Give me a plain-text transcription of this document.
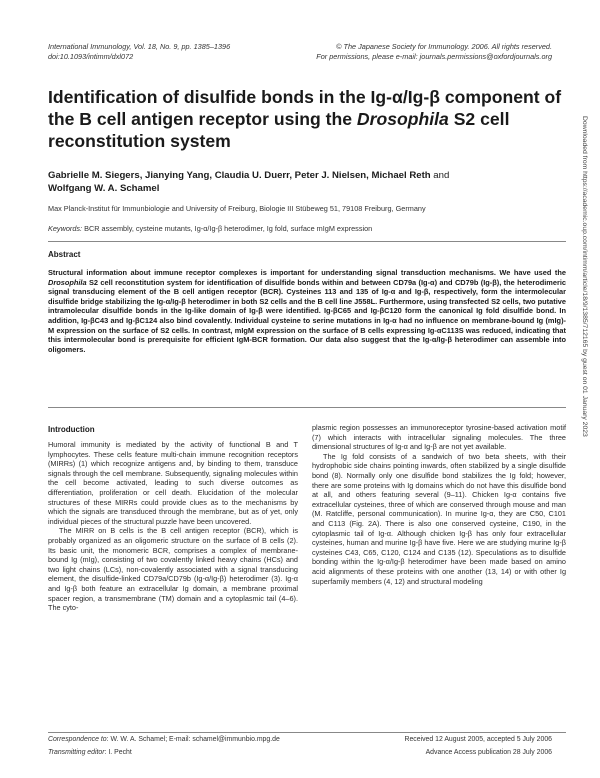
International Immunology, Vol. 18, No. 9, pp. 1385–1396
doi:10.1093/intimm/dxl072
© The Japanese Society for Immunology. 2006. All rights reserved.
For permissions, please e-mail: journals.permissions@oxfordjournals.org
Identification of disulfide bonds in the Ig-α/Ig-β component of the B cell antigen receptor using the Drosophila S2 cell reconstitution system
Gabrielle M. Siegers, Jianying Yang, Claudia U. Duerr, Peter J. Nielsen, Michael Reth and
Wolfgang W. A. Schamel
Max Planck-Institut für Immunbiologie and University of Freiburg, Biologie III Stübeweg 51, 79108 Freiburg, Germany
Keywords: BCR assembly, cysteine mutants, Ig-α/Ig-β heterodimer, Ig fold, surface mIgM expression
Abstract
Structural information about immune receptor complexes is important for understanding signal transduction mechanisms. We have used the Drosophila S2 cell reconstitution system for identification of disulfide bonds within and between CD79a (Ig-α) and CD79b (Ig-β), the heterodimeric signal transducing element of the B cell antigen receptor (BCR). Cysteines 113 and 135 of Ig-α and Ig-β, respectively, form the intermolecular disulfide bridge stabilizing the Ig-α/Ig-β heterodimer in both S2 cells and the B cell line J558L. Furthermore, using transfected S2 cells, two putative intramolecular disulfide bonds in the Ig-like domain of Ig-β were identified. Ig-βC65 and Ig-βC120 form the canonical Ig fold disulfide bond. In addition, Ig-βC43 and Ig-βC124 also bind covalently. Individual cysteine to serine mutations in Ig-α had no influence on membrane-bound Ig (mIg)-M expression on the surface of S2 cells. In contrast, mIgM expression on the surface of B cells expressing Ig-αC113S was reduced, indicating that this intermolecular bond is prerequisite for efficient IgM-BCR formation. Our data also suggest that the Ig-α/Ig-β heterodimer can assemble into oligomers.
Introduction

Humoral immunity is mediated by the activity of functional B and T lymphocytes. These cells feature multi-chain immune recognition receptors (MIRRs) (1) which recognize antigens and, by binding to them, transduce signals through the cell membrane. Subsequently, signaling molecules within the cell become activated, leading to such diverse outcomes as differentiation, proliferation or cell death. Elucidation of the molecular structures of these MIRRs could provide clues as to the mechanisms by which the signals are transduced through the membrane, but as of yet, only individual pieces of the structural puzzle have been uncovered.

The MIRR on B cells is the B cell antigen receptor (BCR), which is probably organized as an oligomeric structure on the surface of B cells (2). Its basic unit, the monomeric BCR, comprises a complex of membrane-bound Ig (mIg), consisting of two covalently linked heavy chains (HCs) and two light chains (LCs), non-covalently associated with a signal transducing element, the disulfide-linked CD79a/CD79b (Ig-α/Ig-β) heterodimer (3). Ig-α and Ig-β both feature an extracellular Ig domain, a membrane proximal spacer region, a transmembrane (TM) domain and a cytoplasmic tail (4–6). The cyto-

plasmic region possesses an immunoreceptor tyrosine-based activation motif (7) which interacts with intracellular signaling molecules. The three dimensional structures of Ig-α and Ig-β are not yet available.

The Ig fold consists of a sandwich of two beta sheets, with their hydrophobic side chains pointing inwards, often stabilized by a single disulfide bond (8). Normally only one disulfide bond stabilizes the Ig fold; however, there are some proteins with Ig domains which do not have this disulfide bond at all, and others featuring several (9–11). Chicken Ig-α contains five extracellular cysteines, three of which are conserved through mouse and man (M. Ratcliffe, personal communication). In murine Ig-α, they are C50, C101 and C113 (Fig. 2A). There is also one conserved cysteine, C190, in the cytoplasmic tail of Ig-α. Although chicken Ig-β has only four extracellular cysteines, human and murine Ig-β have five. Here we are studying murine Ig-β cysteines C43, C65, C120, C124 and C135 (12). Speculations as to disulfide bonding within the Ig-α/Ig-β heterodimer have been made based on amino acid alignments of these proteins with one another (13, 14) or with other Ig superfamily members (4, 12) and structural modeling

Correspondence to: W. W. A. Schamel; E-mail: schamel@immunbio.mpg.de
Transmitting editor: I. Pecht
Received 12 August 2005, accepted 5 July 2006
Advance Access publication 28 July 2006
Downloaded from https://academic.oup.com/intimm/article/18/9/1385/712165 by guest on 01 January 2023
